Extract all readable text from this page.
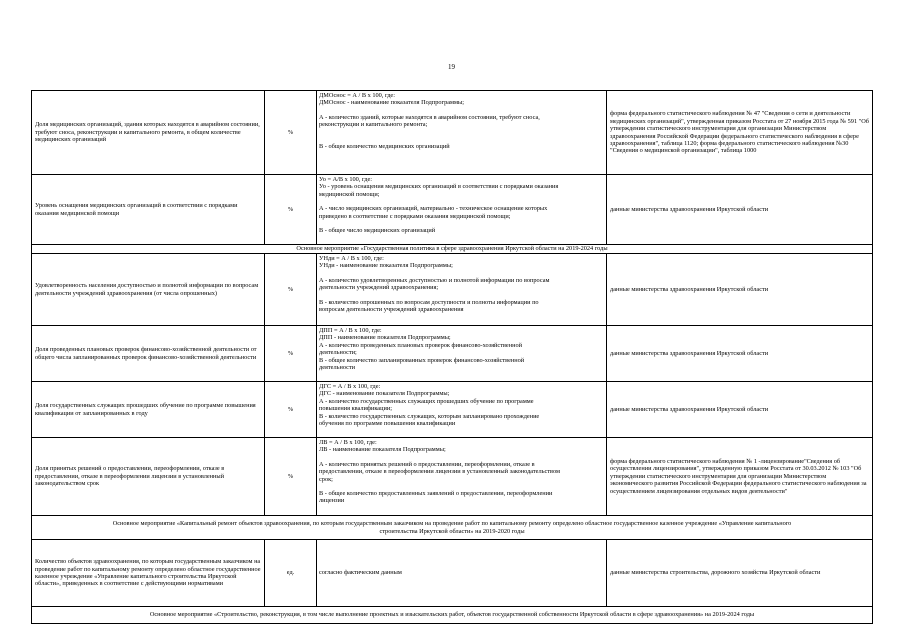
19
Доля медицинских организаций, здания которых находятся в аварийном состоянии, требуют сноса, реконструкции и капитального ремонта, в общем количестве медицинских организаций
%
ДМОснос = А / В х 100, где:
ДМОснос - наименование показателя Подпрограммы;
А - количество зданий, которые находятся в аварийном состоянии, требуют сноса,
реконструкции и капитального ремонта;
В - общее количество медицинских организаций
форма федерального статистического наблюдения № 47 "Сведения о сети и деятельности медицинских организаций", утвержденная приказом Росстата от 27 ноября 2015 года № 591 "Об утверждении статистического инструментария для организации Министерством здравоохранения Российской Федерации федерального статистического наблюдения в сфере здравоохранения", таблица 1120; форма федерального статистического наблюдения №30 "Сведения о медицинской организации", таблица 1000
Уровень оснащения медицинских организаций в соответствии с порядками оказания медицинской помощи
%
Уо = А/В х 100, где:
Уо - уровень оснащения медицинских организаций в соответствии с порядками оказания
медицинской помощи;
А - число медицинских организаций, материально - техническое оснащение которых
приведено в соответствие с порядками оказания медицинской помощи;
В - общее число медицинских организаций
данные министерства здравоохранения Иркутской области
Основное мероприятие «Государственная политика в сфере здравоохранения Иркутской области на 2019-2024 годы
Удовлетворенность населения доступностью и полнотой информации по вопросам деятельности учреждений здравоохранения (от числа опрошенных)
%
УНди = А / В х 100, где:
УНди - наименование показателя Подпрограммы;
А - количество удовлетворенных доступностью и полнотой информации по вопросам
деятельности учреждений здравоохранения;
В - количество опрошенных по вопросам доступности и полноты информации по
вопросам деятельности учреждений здравоохранения
данные министерства здравоохранения Иркутской области
Доля проведенных плановых проверок финансово-хозяйственной деятельности от общего числа запланированных проверок финансово-хозяйственной деятельности
%
ДПП = А / В х 100, где:
ДПП - наименование показателя Подпрограммы;
А - количество проведенных плановых проверок финансово-хозяйственной
деятельности;
В - общее количество запланированных проверок финансово-хозяйственной
деятельности
данные министерства здравоохранения Иркутской области
Доля государственных служащих прошедших обучение по программе повышения квалификации от запланированных в году
%
ДГС = А / В х 100, где:
ДГС - наименование показателя Подпрограммы;
А - количество государственных служащих прошедших обучение по программе
повышения квалификации;
В - количество государственных служащих, которым запланировано прохождение
обучения по программе повышения квалификации
данные министерства здравоохранения Иркутской области
Доля принятых решений о предоставлении, переоформлении, отказе в предоставлении, отказе в переоформлении лицензии в установленный законодательством срок
%
ЛВ = А / В х 100, где:
ЛВ - наименование показателя Подпрограммы;
А - количество принятых решений о предоставлении, переоформлении, отказе в
предоставлении, отказе в переоформлении лицензии в установленный законодательством
срок;
В - общее количество предоставленных заявлений о предоставлении, переоформлении
лицензии
форма федерального статистического наблюдения № 1 -лицензирование"Сведения об осуществлении лицензирования", утвержденную приказом Росстата от 30.03.2012 № 103 "Об утверждении статистического инструментария для организации Министерством экономического развития Российской Федерации федерального статистического наблюдения за осуществлением лицензирования отдельных видов деятельности"
Основное мероприятие «Капитальный ремонт объектов здравоохранения, по которым государственным заказчиком на проведение работ по капитальному ремонту определено областное государственное казенное учреждение «Управление капитального
строительства Иркутской области» на 2019-2020 годы
Количество объектов здравоохранения, по которым государственным заказчиком на проведение работ по капитальному ремонту определено областное государственное казенное учреждение «Управление капитального строительства Иркутской области», приведенных в соответствие с действующими нормативами
ед.	согласно фактическим данным	данные министерства строительства, дорожного хозяйства Иркутской области
Основное мероприятие «Строительство, реконструкция, в том числе выполнение проектных и изыскательских работ, объектов государственной собственности Иркутской области в сфере здравоохранения» на 2019-2024 годы
